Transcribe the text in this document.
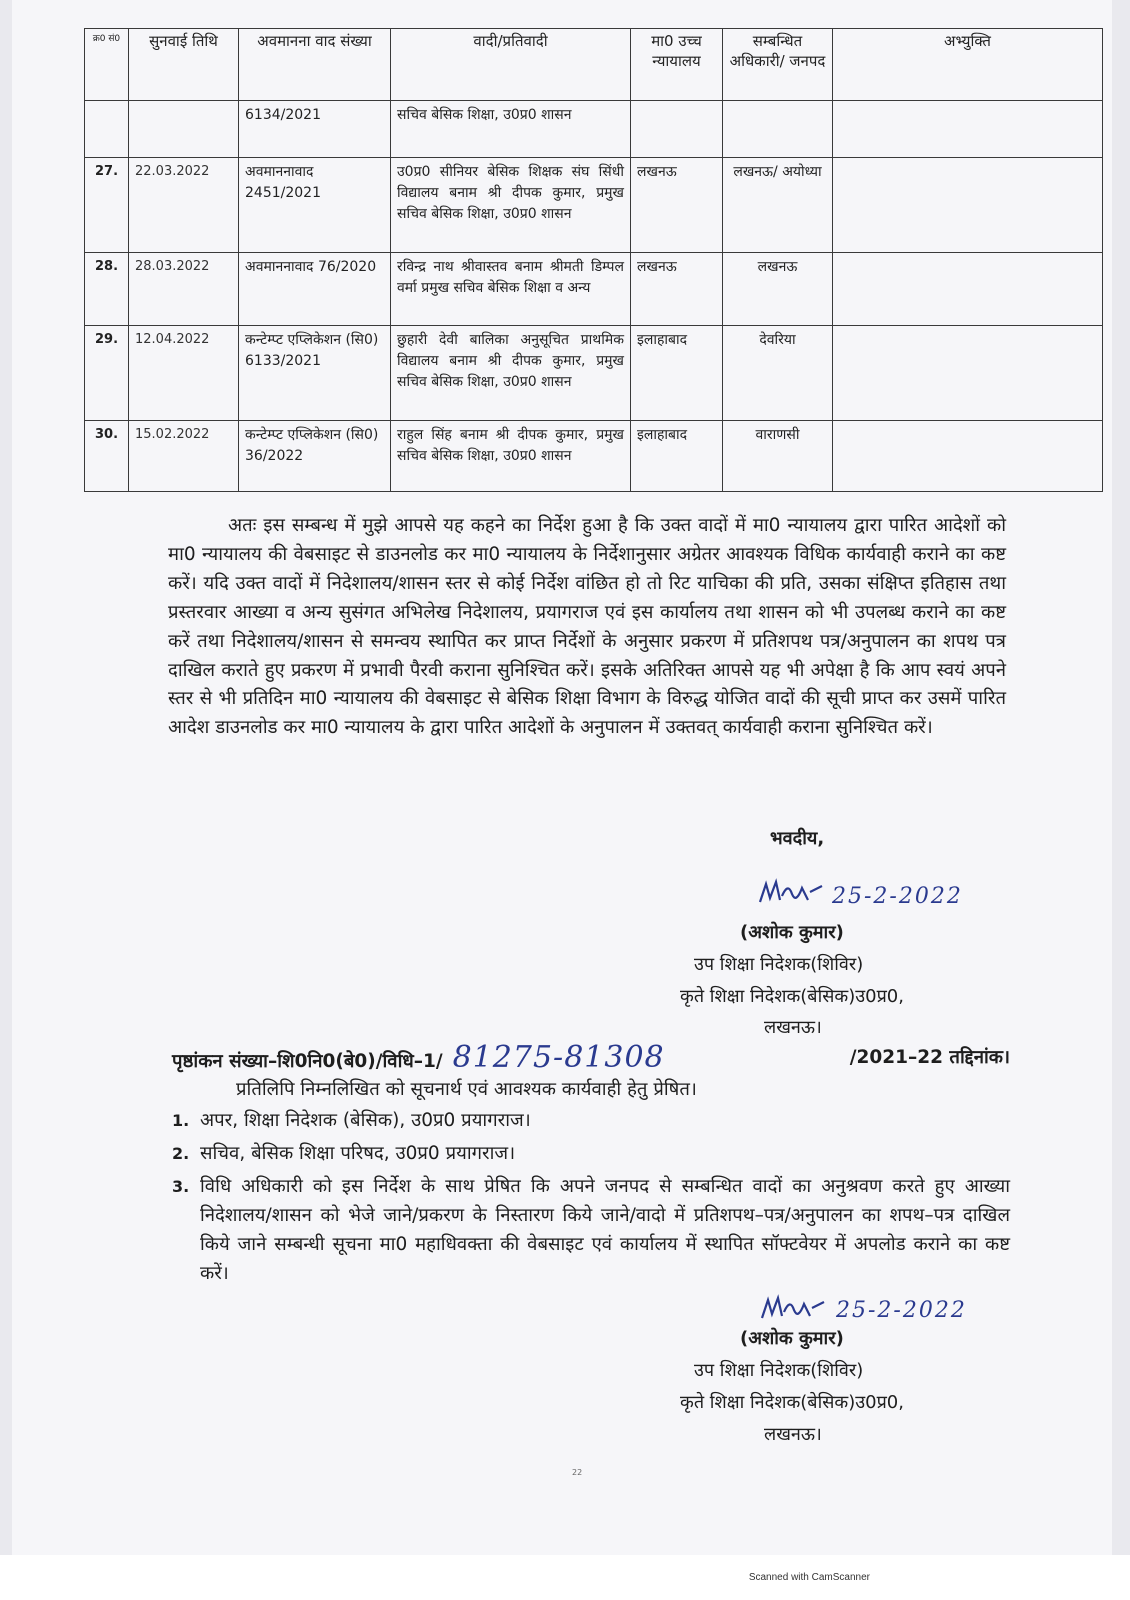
क्र0 सं0	सुनवाई तिथि	अवमानना वाद संख्या	वादी/प्रतिवादी	मा0 उच्च न्यायालय	सम्बन्धित अधिकारी/ जनपद	अभ्युक्ति
		6134/2021	सचिव बेसिक शिक्षा, उ0प्र0 शासन			
27.	22.03.2022	अवमाननावाद 2451/2021	उ0प्र0 सीनियर बेसिक शिक्षक संघ सिंधी विद्यालय बनाम श्री दीपक कुमार, प्रमुख सचिव बेसिक शिक्षा, उ0प्र0 शासन	लखनऊ	लखनऊ/ अयोध्या	
28.	28.03.2022	अवमाननावाद 76/2020	रविन्द्र नाथ श्रीवास्तव बनाम श्रीमती डिम्पल वर्मा प्रमुख सचिव बेसिक शिक्षा व अन्य	लखनऊ	लखनऊ	
29.	12.04.2022	कन्टेम्प्ट एप्लिकेशन (सि0) 6133/2021	छुहारी देवी बालिका अनुसूचित प्राथमिक विद्यालय बनाम श्री दीपक कुमार, प्रमुख सचिव बेसिक शिक्षा, उ0प्र0 शासन	इलाहाबाद	देवरिया	
30.	15.02.2022	कन्टेम्प्ट एप्लिकेशन (सि0) 36/2022	राहुल सिंह बनाम श्री दीपक कुमार, प्रमुख सचिव बेसिक शिक्षा, उ0प्र0 शासन	इलाहाबाद	वाराणसी	
अतः इस सम्बन्ध में मुझे आपसे यह कहने का निर्देश हुआ है कि उक्त वादों में मा0 न्यायालय द्वारा पारित आदेशों को मा0 न्यायालय की वेबसाइट से डाउनलोड कर मा0 न्यायालय के निर्देशानुसार अग्रेतर आवश्यक विधिक कार्यवाही कराने का कष्ट करें। यदि उक्त वादों में निदेशालय/शासन स्तर से कोई निर्देश वांछित हो तो रिट याचिका की प्रति, उसका संक्षिप्त इतिहास तथा प्रस्तरवार आख्या व अन्य सुसंगत अभिलेख निदेशालय, प्रयागराज एवं इस कार्यालय तथा शासन को भी उपलब्ध कराने का कष्ट करें तथा निदेशालय/शासन से समन्वय स्थापित कर प्राप्त निर्देशों के अनुसार प्रकरण में प्रतिशपथ पत्र/अनुपालन का शपथ पत्र दाखिल कराते हुए प्रकरण में प्रभावी पैरवी कराना सुनिश्चित करें। इसके अतिरिक्त आपसे यह भी अपेक्षा है कि आप स्वयं अपने स्तर से भी प्रतिदिन मा0 न्यायालय की वेबसाइट से बेसिक शिक्षा विभाग के विरुद्ध योजित वादों की सूची प्राप्त कर उसमें पारित आदेश डाउनलोड कर मा0 न्यायालय के द्वारा पारित आदेशों के अनुपालन में उक्तवत् कार्यवाही कराना सुनिश्चित करें।
भवदीय,
25-2-2022
(अशोक कुमार)
उप शिक्षा निदेशक(शिविर)
कृते शिक्षा निदेशक(बेसिक)उ0प्र0,
लखनऊ।
पृष्ठांकन संख्या–शि0नि0(बे0)/विधि–1/ 81275-81308	/2021–22 तद्दिनांक।
प्रतिलिपि निम्नलिखित को सूचनार्थ एवं आवश्यक कार्यवाही हेतु प्रेषित।
1. अपर, शिक्षा निदेशक (बेसिक), उ0प्र0 प्रयागराज।
2. सचिव, बेसिक शिक्षा परिषद, उ0प्र0 प्रयागराज।
3. विधि अधिकारी को इस निर्देश के साथ प्रेषित कि अपने जनपद से सम्बन्धित वादों का अनुश्रवण करते हुए आख्या निदेशालय/शासन को भेजे जाने/प्रकरण के निस्तारण किये जाने/वादो में प्रतिशपथ–पत्र/अनुपालन का शपथ–पत्र दाखिल किये जाने सम्बन्धी सूचना मा0 महाधिवक्ता की वेबसाइट एवं कार्यालय में स्थापित सॉफ्टवेयर में अपलोड कराने का कष्ट करें।
25-2-2022
(अशोक कुमार)
उप शिक्षा निदेशक(शिविर)
कृते शिक्षा निदेशक(बेसिक)उ0प्र0,
लखनऊ।
22
Scanned with CamScanner
